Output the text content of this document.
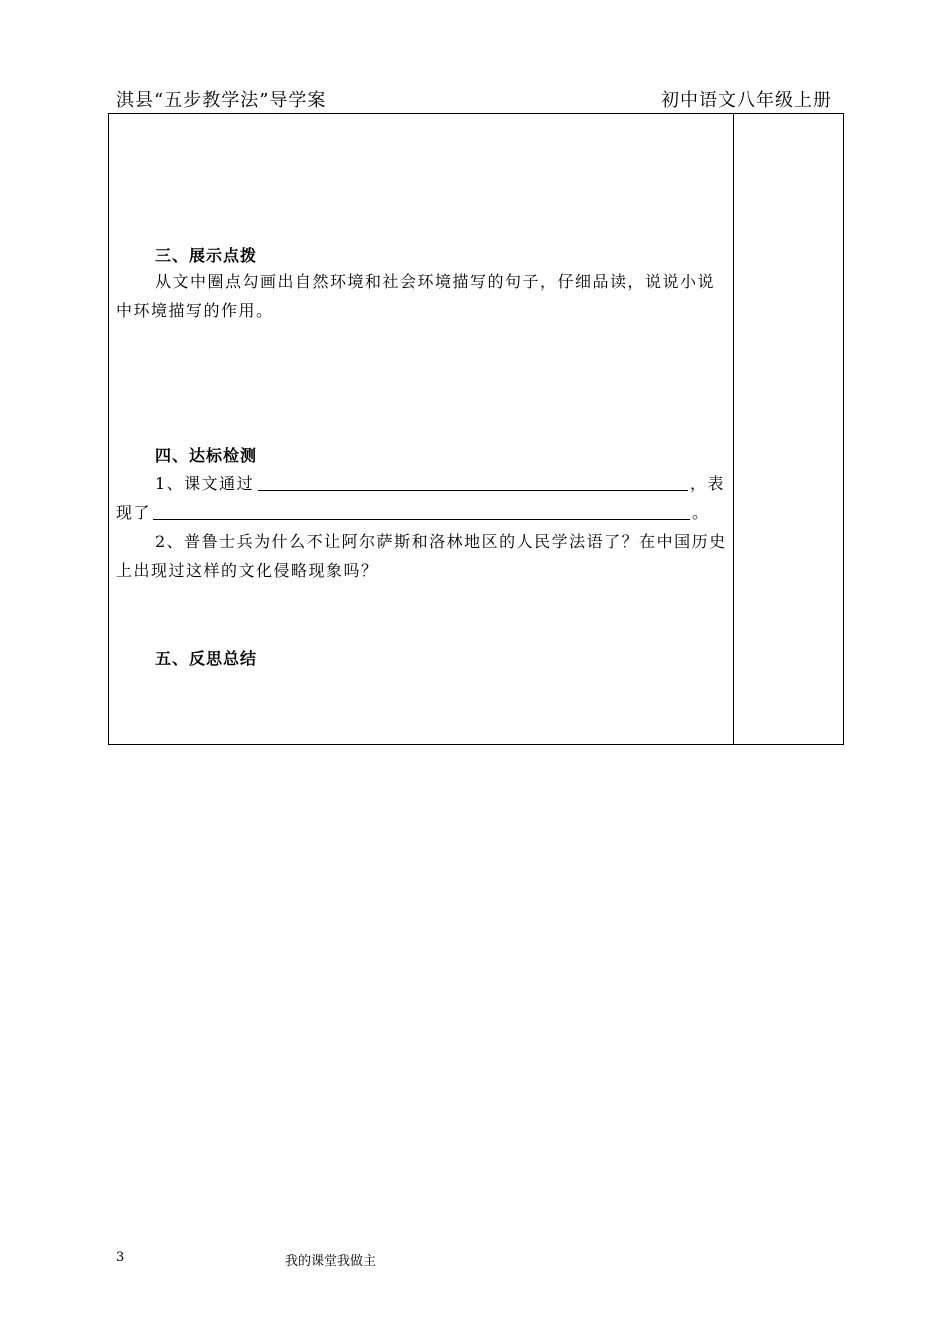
淇县“五步教学法”导学案	初中语文八年级上册
三、展示点拨
从文中圈点勾画出自然环境和社会环境描写的句子，仔细品读，说说小说中环境描写的作用。
四、达标检测
1、课文通过	，表
现了	。
2、普鲁士兵为什么不让阿尔萨斯和洛林地区的人民学法语了？在中国历史上出现过这样的文化侵略现象吗？
五、反思总结
3	我的课堂我做主
